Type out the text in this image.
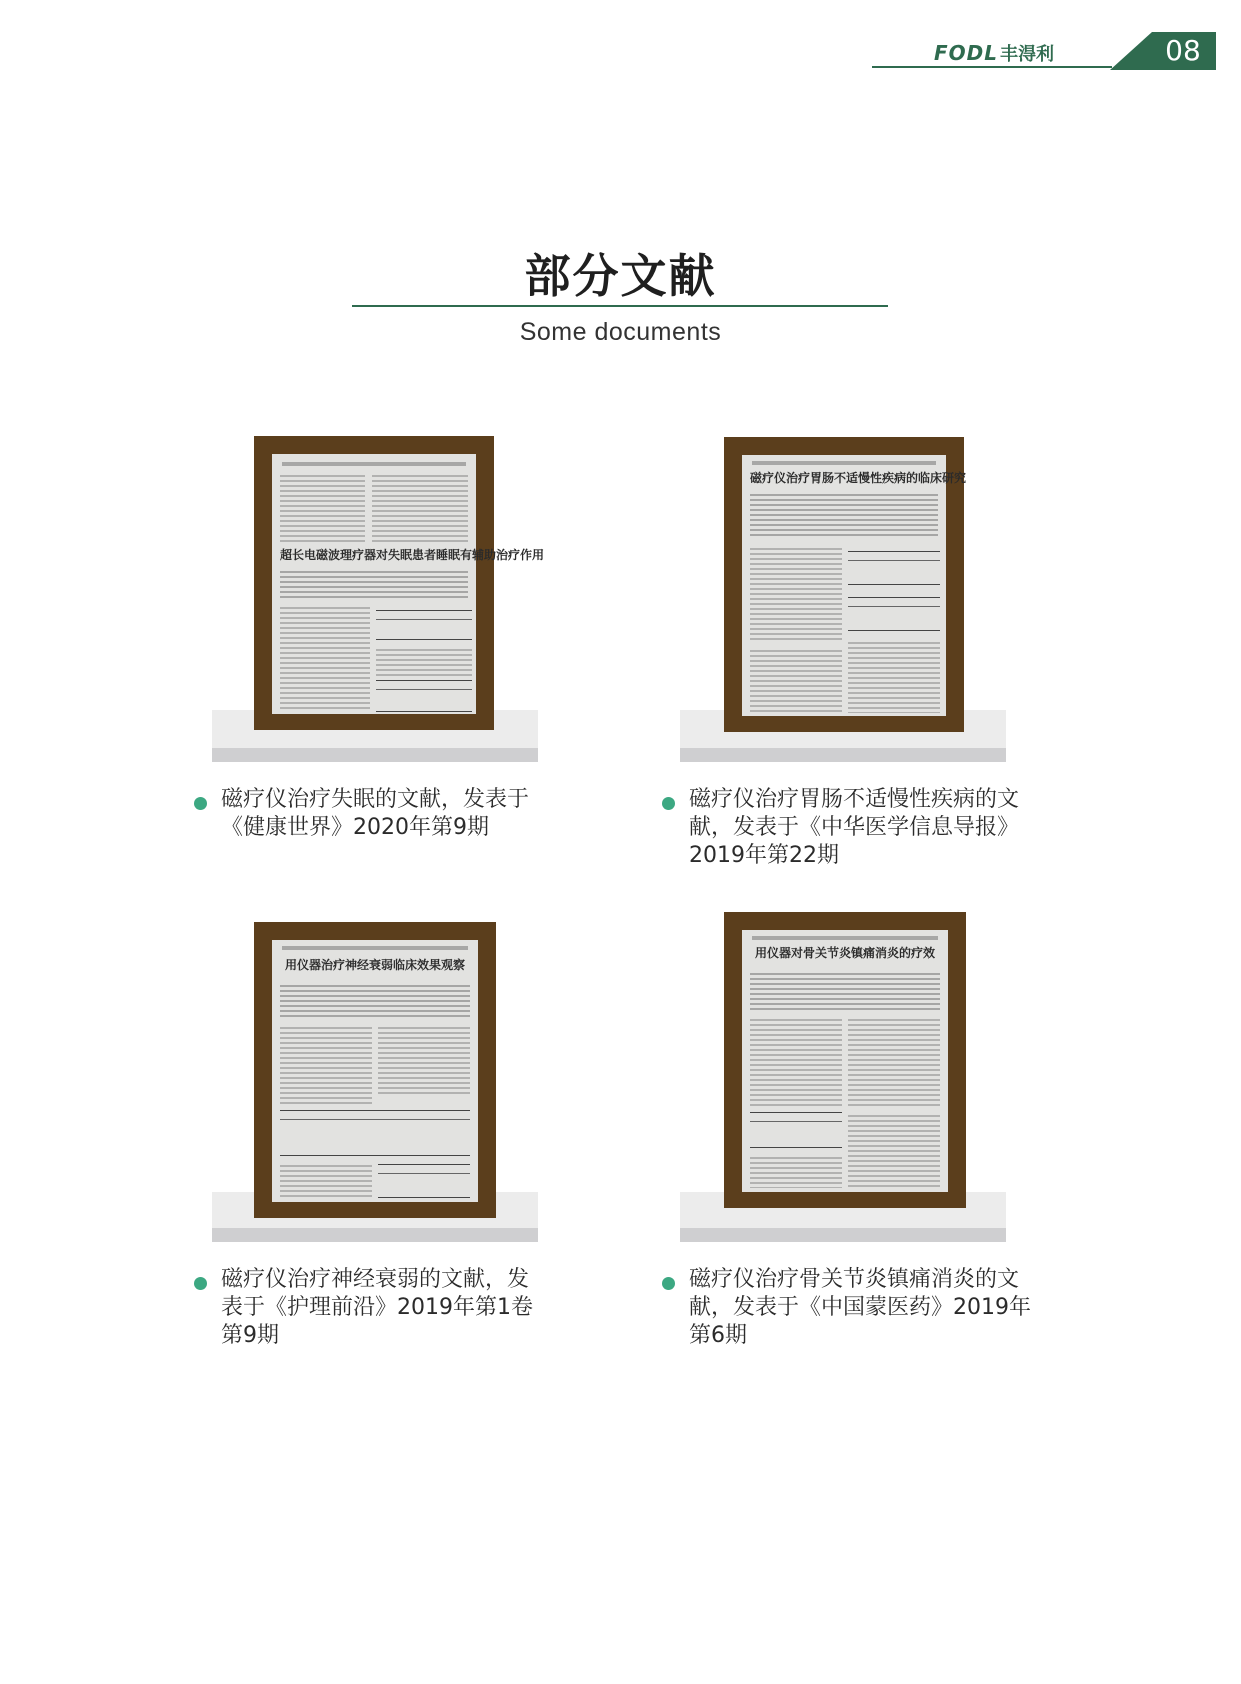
FODL 丰淂利	08
部分文献
Some documents
超长电磁波理疗器对失眠患者睡眠有辅助治疗作用
磁疗仪治疗失眠的文献，发表于
《健康世界》2020年第9期
磁疗仪治疗胃肠不适慢性疾病的临床研究
磁疗仪治疗胃肠不适慢性疾病的文
献，发表于《中华医学信息导报》
2019年第22期
用仪器治疗神经衰弱临床效果观察
磁疗仪治疗神经衰弱的文献，发
表于《护理前沿》2019年第1卷
第9期
用仪器对骨关节炎镇痛消炎的疗效
磁疗仪治疗骨关节炎镇痛消炎的文
献，发表于《中国蒙医药》2019年
第6期
